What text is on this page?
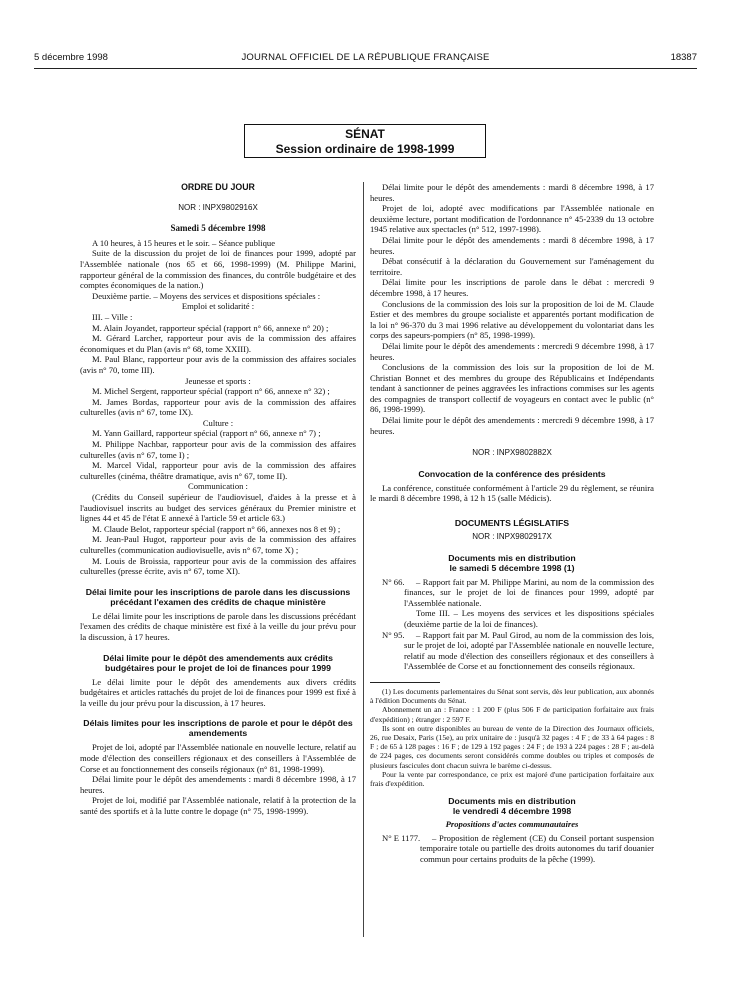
5 décembre 1998	JOURNAL OFFICIEL DE LA RÉPUBLIQUE FRANÇAISE	18387
SÉNAT
Session ordinaire de 1998-1999
ORDRE DU JOUR
NOR : INPX9802916X
Samedi 5 décembre 1998

A 10 heures, à 15 heures et le soir. – Séance publique

Suite de la discussion du projet de loi de finances pour 1999, adopté par l'Assemblée nationale (nos 65 et 66, 1998-1999) (M. Philippe Marini, rapporteur général de la commission des finances, du contrôle budgétaire et des comptes économiques de la nation.)

Deuxième partie. – Moyens des services et dispositions spéciales :

Emploi et solidarité :

III. – Ville :

M. Alain Joyandet, rapporteur spécial (rapport n° 66, annexe n° 20) ;

M. Gérard Larcher, rapporteur pour avis de la commission des affaires économiques et du Plan (avis n° 68, tome XXIII).

M. Paul Blanc, rapporteur pour avis de la commission des affaires sociales (avis n° 70, tome III).

Jeunesse et sports :

M. Michel Sergent, rapporteur spécial (rapport n° 66, annexe n° 32) ;

M. James Bordas, rapporteur pour avis de la commission des affaires culturelles (avis n° 67, tome IX).

Culture :

M. Yann Gaillard, rapporteur spécial (rapport n° 66, annexe n° 7) ;

M. Philippe Nachbar, rapporteur pour avis de la commission des affaires culturelles (avis n° 67, tome I) ;

M. Marcel Vidal, rapporteur pour avis de la commission des affaires culturelles (cinéma, théâtre dramatique, avis n° 67, tome II).

Communication :

(Crédits du Conseil supérieur de l'audiovisuel, d'aides à la presse et à l'audiovisuel inscrits au budget des services généraux du Premier ministre et lignes 44 et 45 de l'état E annexé à l'article 59 et article 63.)

M. Claude Belot, rapporteur spécial (rapport n° 66, annexes nos 8 et 9) ;

M. Jean-Paul Hugot, rapporteur pour avis de la commission des affaires culturelles (communication audiovisuelle, avis n° 67, tome X) ;

M. Louis de Broissia, rapporteur pour avis de la commission des affaires culturelles (presse écrite, avis n° 67, tome XI).

Délai limite pour les inscriptions de parole dans les discussions précédant l'examen des crédits de chaque ministère

Le délai limite pour les inscriptions de parole dans les discussions précédant l'examen des crédits de chaque ministère est fixé à la veille du jour prévu pour la discussion, à 17 heures.

Délai limite pour le dépôt des amendements aux crédits budgétaires pour le projet de loi de finances pour 1999

Le délai limite pour le dépôt des amendements aux divers crédits budgétaires et articles rattachés du projet de loi de finances pour 1999 est fixé à la veille du jour prévu pour la discussion, à 17 heures.

Délais limites pour les inscriptions de parole et pour le dépôt des amendements

Projet de loi, adopté par l'Assemblée nationale en nouvelle lecture, relatif au mode d'élection des conseillers régionaux et des conseillers à l'Assemblée de Corse et au fonctionnement des conseils régionaux (n° 81, 1998-1999).

Délai limite pour le dépôt des amendements : mardi 8 décembre 1998, à 17 heures.

Projet de loi, modifié par l'Assemblée nationale, relatif à la protection de la santé des sportifs et à la lutte contre le dopage (n° 75, 1998-1999).

Délai limite pour le dépôt des amendements : mardi 8 décembre 1998, à 17 heures.

Projet de loi, adopté avec modifications par l'Assemblée nationale en deuxième lecture, portant modification de l'ordonnance n° 45-2339 du 13 octobre 1945 relative aux spectacles (n° 512, 1997-1998).

Délai limite pour le dépôt des amendements : mardi 8 décembre 1998, à 17 heures.

Débat consécutif à la déclaration du Gouvernement sur l'aménagement du territoire.

Délai limite pour les inscriptions de parole dans le débat : mercredi 9 décembre 1998, à 17 heures.

Conclusions de la commission des lois sur la proposition de loi de M. Claude Estier et des membres du groupe socialiste et apparentés portant modification de la loi n° 96-370 du 3 mai 1996 relative au développement du volontariat dans les corps des sapeurs-pompiers (n° 85, 1998-1999).

Délai limite pour le dépôt des amendements : mercredi 9 décembre 1998, à 17 heures.

Conclusions de la commission des lois sur la proposition de loi de M. Christian Bonnet et des membres du groupe des Républicains et Indépendants tendant à sanctionner de peines aggravées les infractions commises sur les agents des compagnies de transport collectif de voyageurs en contact avec le public (n° 86, 1998-1999).

Délai limite pour le dépôt des amendements : mercredi 9 décembre 1998, à 17 heures.

NOR : INPX9802882X
Convocation de la conférence des présidents

La conférence, constituée conformément à l'article 29 du règlement, se réunira le mardi 8 décembre 1998, à 12 h 15 (salle Médicis).

DOCUMENTS LÉGISLATIFS
NOR : INPX9802917X
Documents mis en distribution
le samedi 5 décembre 1998 (1)

N° 66. – Rapport fait par M. Philippe Marini, au nom de la commission des finances, sur le projet de loi de finances pour 1999, adopté par l'Assemblée nationale.

Tome III. – Les moyens des services et les dispositions spéciales (deuxième partie de la loi de finances).

N° 95. – Rapport fait par M. Paul Girod, au nom de la commission des lois, sur le projet de loi, adopté par l'Assemblée nationale en nouvelle lecture, relatif au mode d'élection des conseillers régionaux et des conseillers à l'Assemblée de Corse et au fonctionnement des conseils régionaux.

(1) Les documents parlementaires du Sénat sont servis, dès leur publication, aux abonnés à l'édition Documents du Sénat.

Abonnement un an : France : 1 200 F (plus 506 F de participation forfaitaire aux frais d'expédition) ; étranger : 2 597 F.

Ils sont en outre disponibles au bureau de vente de la Direction des Journaux officiels, 26, rue Desaix, Paris (15e), au prix unitaire de : jusqu'à 32 pages : 4 F ; de 33 à 64 pages : 8 F ; de 65 à 128 pages : 16 F ; de 129 à 192 pages : 24 F ; de 193 à 224 pages : 28 F ; au-delà de 224 pages, ces documents seront considérés comme doubles ou triples et composés de plusieurs fascicules dont chacun suivra le barème ci-dessus.

Pour la vente par correspondance, ce prix est majoré d'une participation forfaitaire aux frais d'expédition.

Documents mis en distribution
le vendredi 4 décembre 1998
Propositions d'actes communautaires

N° E 1177. – Proposition de règlement (CE) du Conseil portant suspension temporaire totale ou partielle des droits autonomes du tarif douanier commun pour certains produits de la pêche (1999).
